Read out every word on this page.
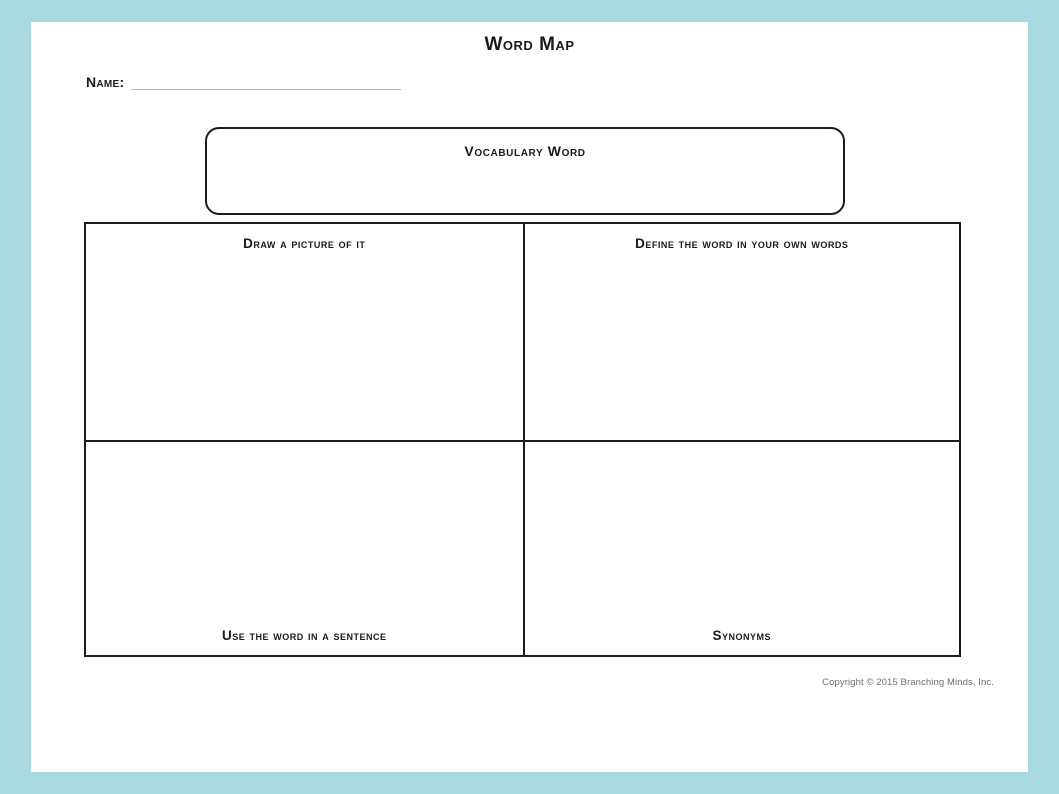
Word Map
Name:
Vocabulary Word
Draw a picture of it	Define the word in your own words
Use the word in a sentence	Synonyms
Copyright © 2015 Branching Minds, Inc.
